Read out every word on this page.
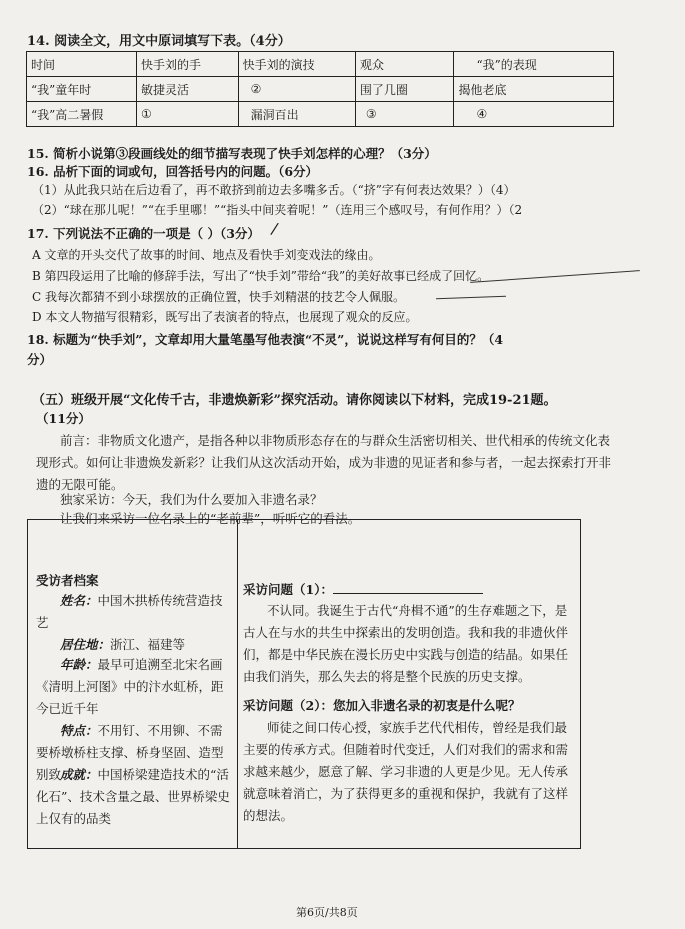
14. 阅读全文，用文中原词填写下表。（4分）
时间	快手刘的手	快手刘的演技	观众	“我”的表现
“我”童年时	敏捷灵活	②	围了几圈	揭他老底
“我”高二暑假	①	漏洞百出	③	④
15. 简析小说第③段画线处的细节描写表现了快手刘怎样的心理？（3分）
16. 品析下面的词或句，回答括号内的问题。（6分）
（1）从此我只站在后边看了，再不敢挤到前边去多嘴多舌。（“挤”字有何表达效果？）（4）
（2）“球在那儿呢！”“在手里哪！”“指头中间夹着呢！”（连用三个感叹号，有何作用？）（2
17. 下列说法不正确的一项是（ ）（3分） /
A 文章的开头交代了故事的时间、地点及看快手刘变戏法的缘由。
B 第四段运用了比喻的修辞手法，写出了“快手刘”带给“我”的美好故事已经成了回忆。
C 我每次都猜不到小球摆放的正确位置，快手刘精湛的技艺令人佩服。
D 本文人物描写很精彩，既写出了表演者的特点，也展现了观众的反应。
18. 标题为“快手刘”，文章却用大量笔墨写他表演“不灵”，说说这样写有何目的？（4
分）
（五）班级开展“文化传千古，非遗焕新彩”探究活动。请你阅读以下材料，完成19-21题。
（11分）
前言：非物质文化遗产，是指各种以非物质形态存在的与群众生活密切相关、世代相承的传统文化表现形式。如何让非遗焕发新彩？让我们从这次活动开始，成为非遗的见证者和参与者，一起去探索打开非遗的无限可能。
独家采访：今天，我们为什么要加入非遗名录？
让我们来采访一位名录上的“老前辈”，听听它的看法。
受访者档案
姓名：中国木拱桥传统营造技艺
居住地：浙江、福建等
年龄：最早可追溯至北宋名画《清明上河图》中的汴水虹桥，距今已近千年
特点：不用钉、不用铆、不需要桥墩桥柱支撑、桥身坚固、造型别致
成就：中国桥梁建造技术的“活化石”、技术含量之最、世界桥梁史上仅有的品类
采访问题（1）：
不认同。我诞生于古代“舟楫不通”的生存难题之下，是古人在与水的共生中探索出的发明创造。我和我的非遗伙伴们，都是中华民族在漫长历史中实践与创造的结晶。如果任由我们消失，那么失去的将是整个民族的历史支撑。
采访问题（2）：您加入非遗名录的初衷是什么呢？
师徒之间口传心授，家族手艺代代相传，曾经是我们最主要的传承方式。但随着时代变迁，人们对我们的需求和需求越来越少，愿意了解、学习非遗的人更是少见。无人传承就意味着消亡，为了获得更多的重视和保护，我就有了这样的想法。
第6页/共8页
